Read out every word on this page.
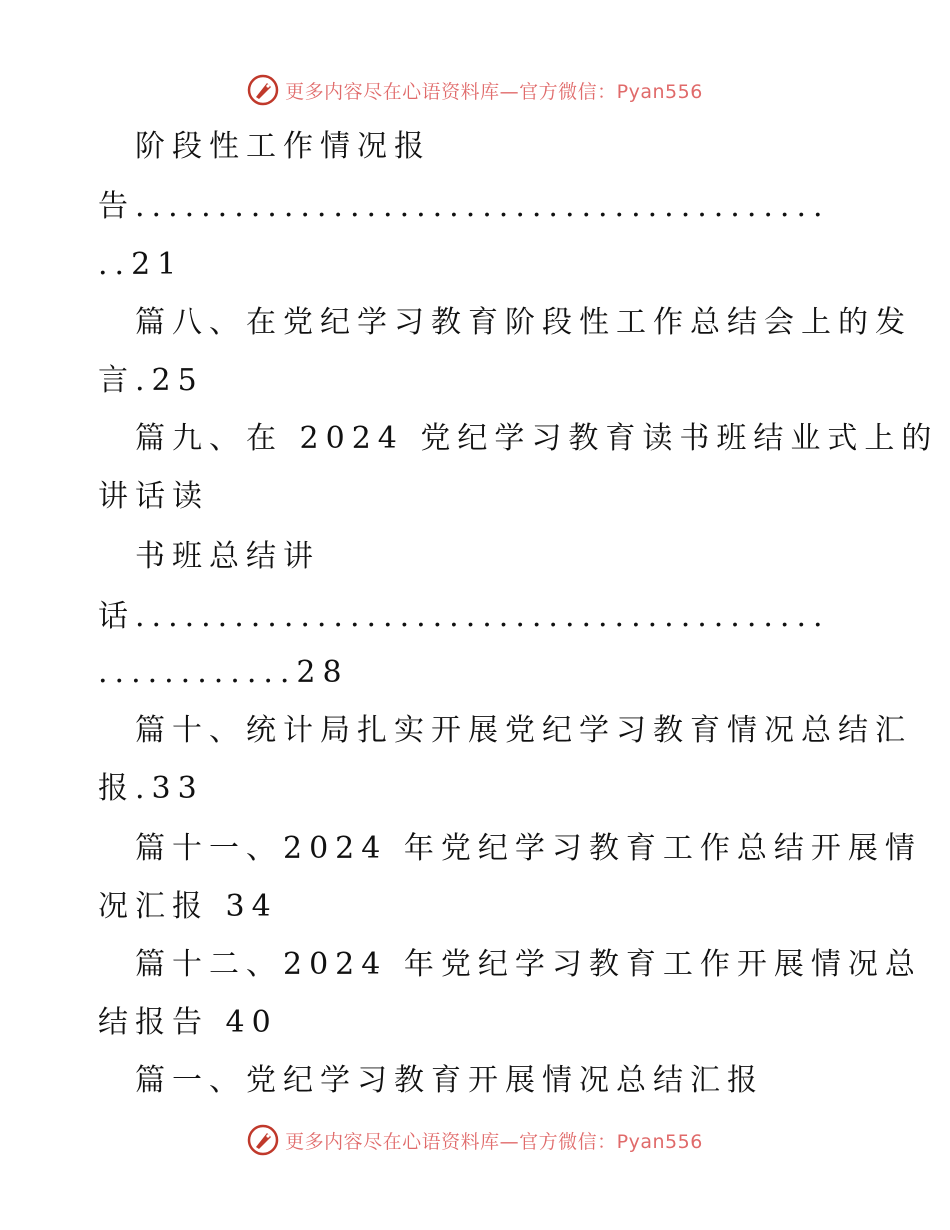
更多内容尽在心语资料库—官方微信：Pyan556
阶段性工作情况报
告..........................................
..21
篇八、在党纪学习教育阶段性工作总结会上的发
言.25
篇九、在 2024 党纪学习教育读书班结业式上的
讲话读
书班总结讲
话..........................................
............28
篇十、统计局扎实开展党纪学习教育情况总结汇
报.33
篇十一、2024 年党纪学习教育工作总结开展情
况汇报 34
篇十二、2024 年党纪学习教育工作开展情况总
结报告 40
篇一、党纪学习教育开展情况总结汇报
更多内容尽在心语资料库—官方微信：Pyan556
